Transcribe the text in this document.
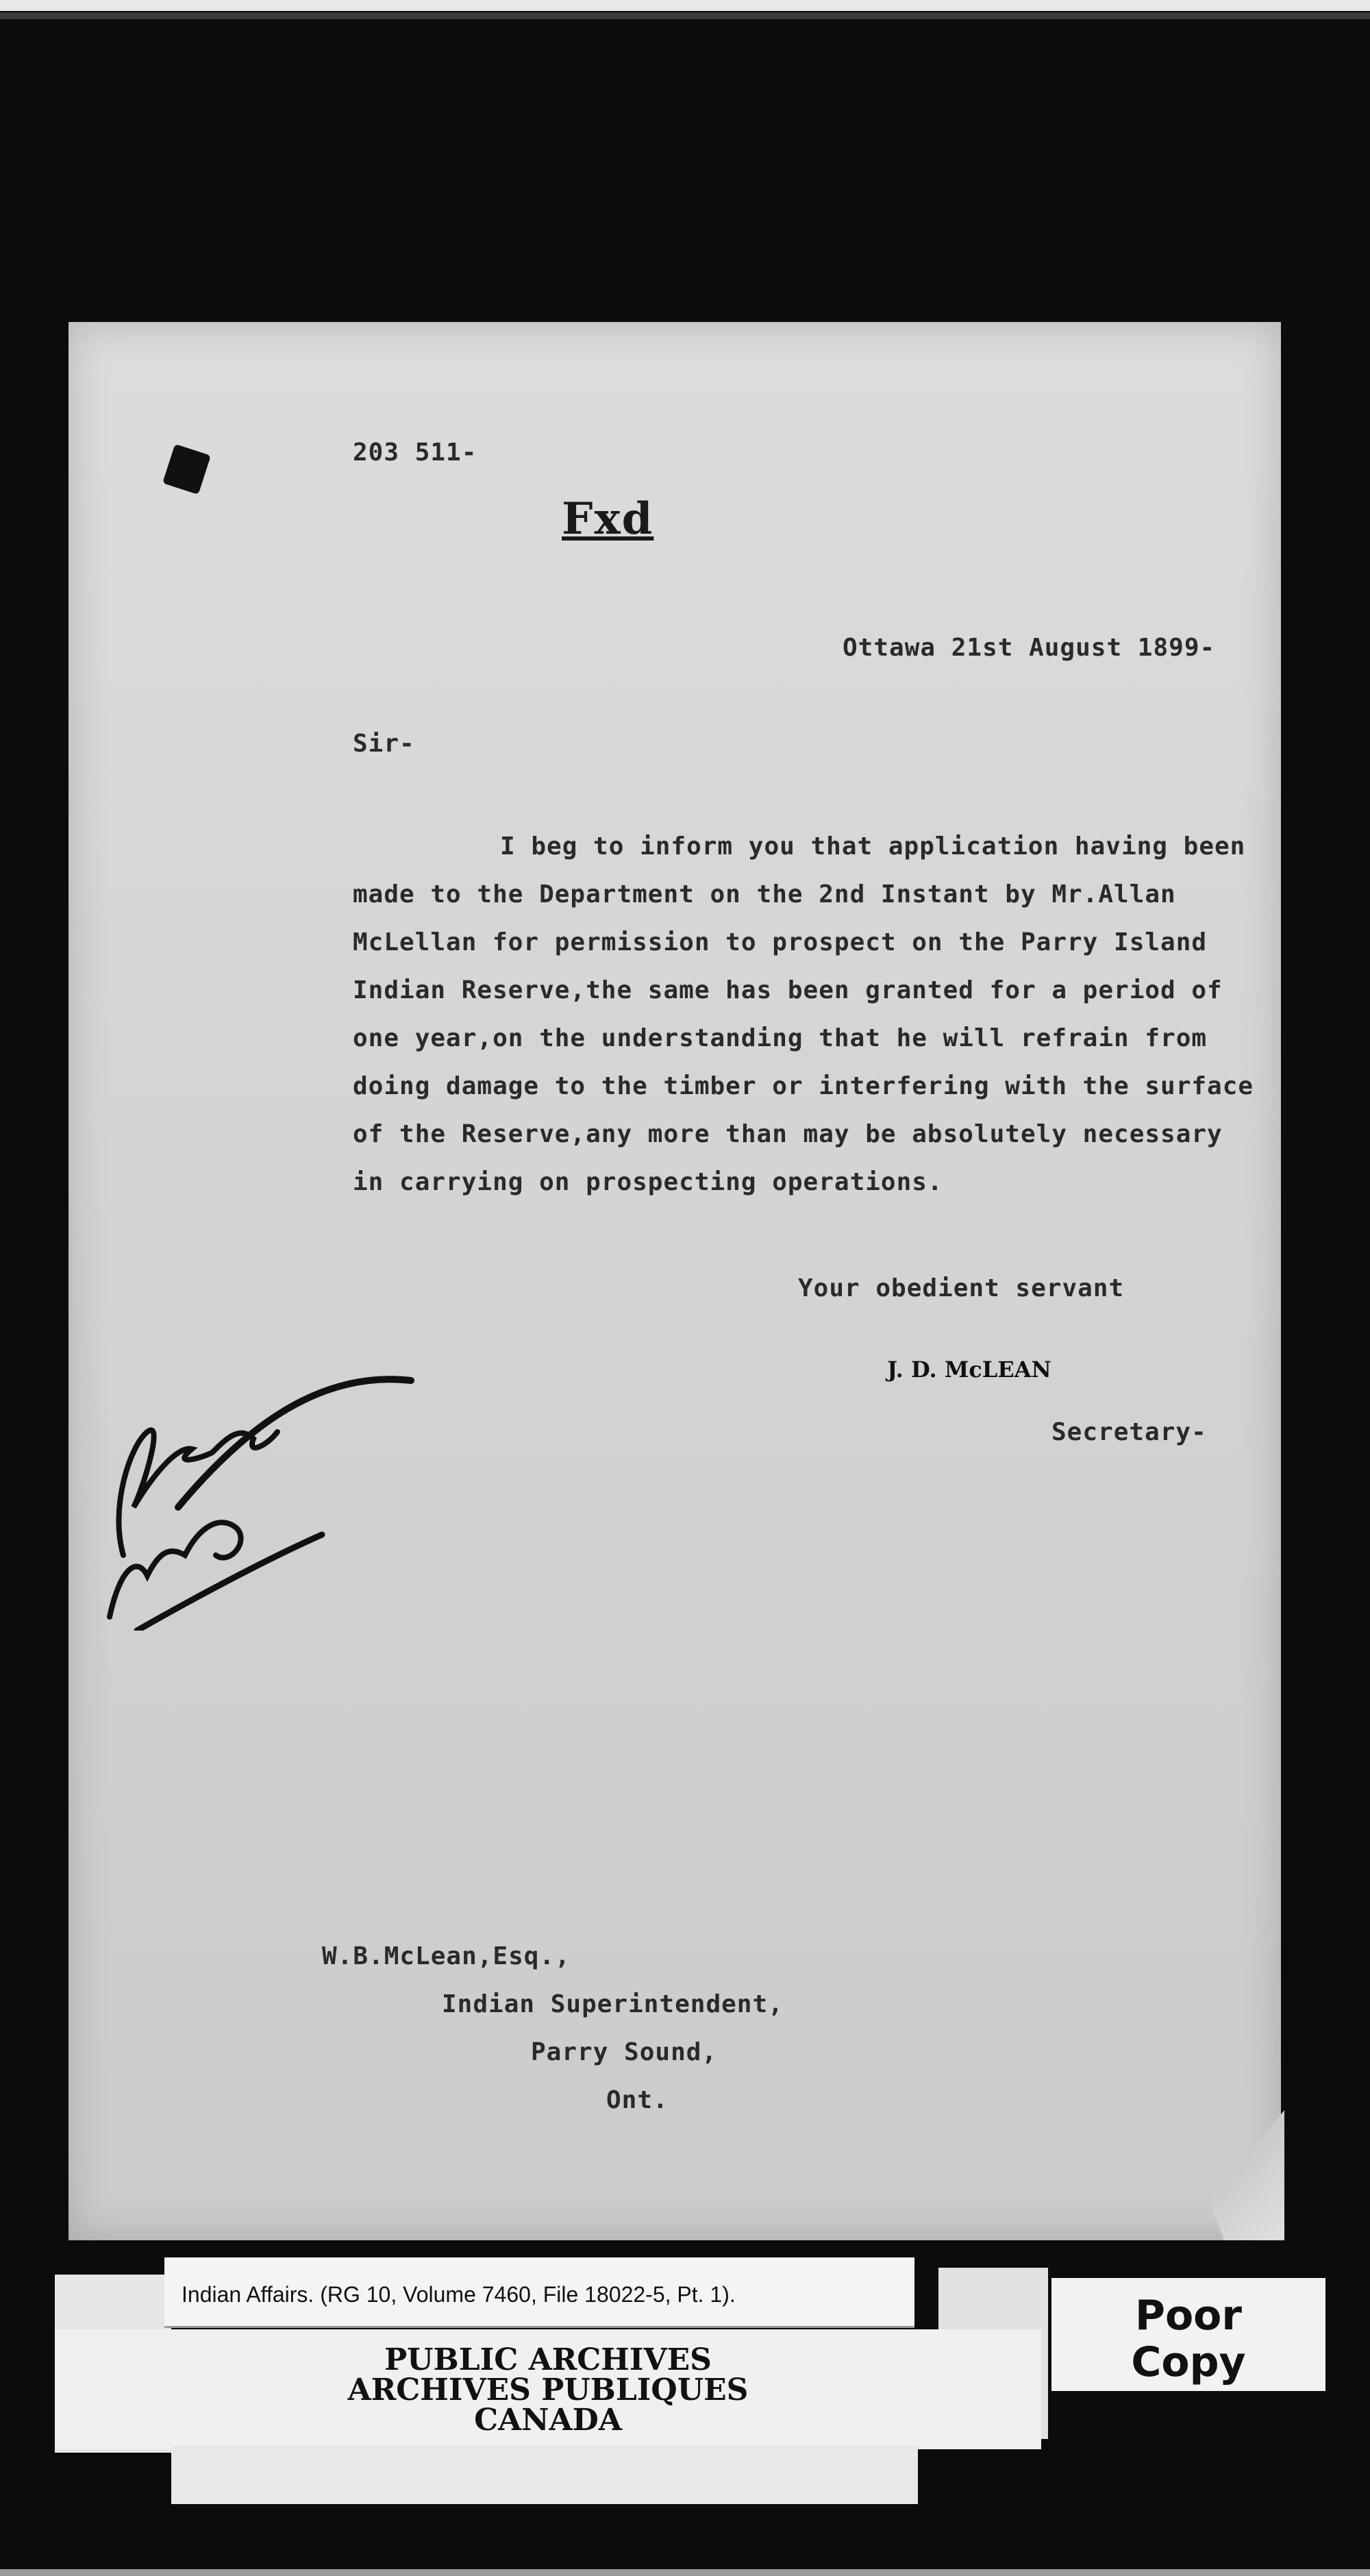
203 511-
Fxd
Ottawa 21st August 1899-
Sir-
I beg to inform you that application having been
made to the Department on the 2nd Instant by Mr.Allan
McLellan for permission to prospect on the Parry Island
Indian Reserve,the same has been granted for a period of
one year,on the understanding that he will refrain from
doing damage to the timber or interfering with the surface
of the Reserve,any more than may be absolutely necessary
in carrying on prospecting operations.
Your obedient servant
J. D. McLEAN
Secretary-
W.B.McLean,Esq.,
Indian Superintendent,
Parry Sound,
Ont.
PUBLIC ARCHIVES
ARCHIVES PUBLIQUES
CANADA
Indian Affairs. (RG 10, Volume 7460, File 18022-5, Pt. 1).	Poor
Copy
